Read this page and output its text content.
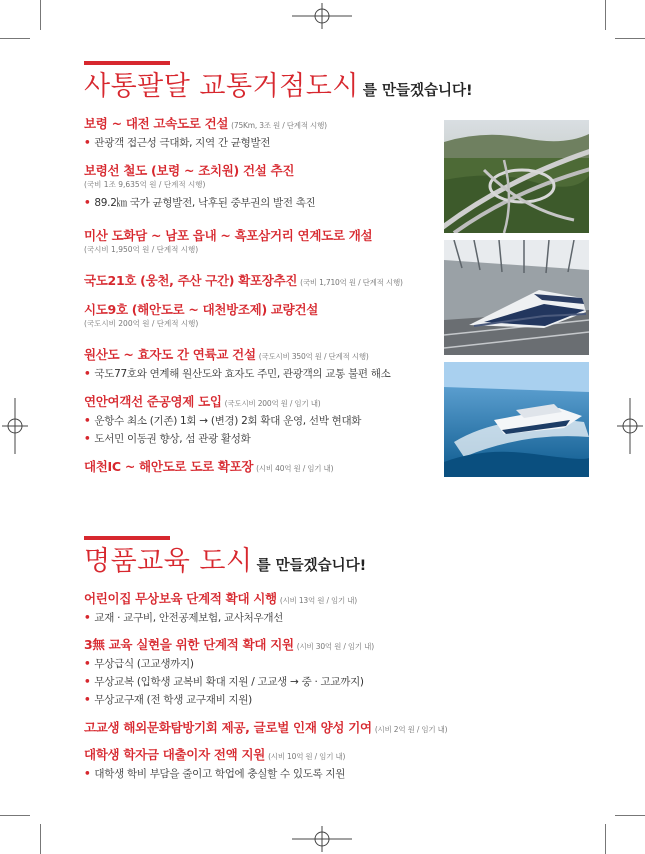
사통팔달 교통거점도시 를 만들겠습니다!
보령 ~ 대전 고속도로 건설 (75Km, 3조 원 / 단계적 시행)
• 관광객 접근성 극대화, 지역 간 균형발전
보령선 철도 (보령 ~ 조치원) 건설 추진
(국비 1조 9,635억 원 / 단계적 시행)
• 89.2㎞ 국가 균형발전, 낙후된 중부권의 발전 촉진
미산 도화담 ~ 남포 읍내 ~ 흑포삼거리 연계도로 개설
(국시비 1,950억 원 / 단계적 시행)
국도21호 (웅천, 주산 구간) 확포장추진 (국비 1,710억 원 / 단계적 시행)
시도9호 (해안도로 ~ 대천방조제) 교량건설
(국도시비 200억 원 / 단계적 시행)
원산도 ~ 효자도 간 연륙교 건설 (국도시비 350억 원 / 단계적 시행)
• 국도77호와 연계해 원산도와 효자도 주민, 관광객의 교통 불편 해소
연안여객선 준공영제 도입 (국도시비 200억 원 / 임기 내)
• 운항수 최소 (기존) 1회 → (변경) 2회 확대 운영, 선박 현대화
• 도서민 이동권 향상, 섬 관광 활성화
대천IC ~ 해안도로 도로 확포장 (시비 40억 원 / 임기 내)
명품교육 도시 를 만들겠습니다!
어린이집 무상보육 단계적 확대 시행 (시비 13억 원 / 임기 내)
• 교재 · 교구비, 안전공제보험, 교사처우개선
3無 교육 실현을 위한 단계적 확대 지원 (시비 30억 원 / 임기 내)
• 무상급식 (고교생까지)
• 무상교복 (입학생 교복비 확대 지원 / 고교생 → 중 · 고교까지)
• 무상교구재 (전 학생 교구재비 지원)
고교생 해외문화탐방기회 제공, 글로벌 인재 양성 기여 (시비 2억 원 / 임기 내)
대학생 학자금 대출이자 전액 지원 (시비 10억 원 / 임기 내)
• 대학생 학비 부담을 줄이고 학업에 충실할 수 있도록 지원
